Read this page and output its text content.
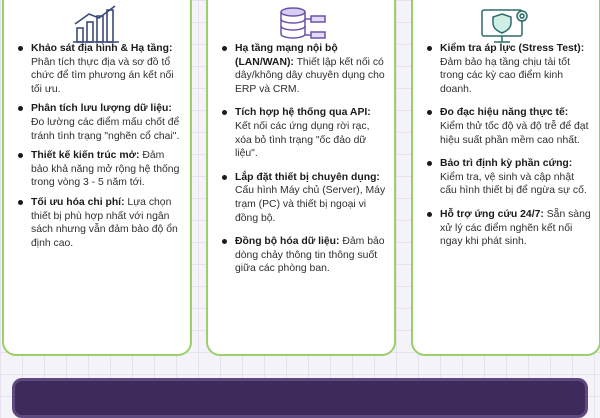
Khảo sát địa hình & Hạ tầng: Phân tích thực địa và sơ đồ tổ chức để tìm phương án kết nối tối ưu.
Phân tích lưu lượng dữ liệu: Đo lường các điểm mấu chốt để tránh tình trạng "nghẽn cổ chai".
Thiết kế kiến trúc mở: Đảm bảo khả năng mở rộng hệ thống trong vòng 3 - 5 năm tới.
Tối ưu hóa chi phí: Lựa chọn thiết bị phù hợp nhất với ngân sách nhưng vẫn đảm bảo độ ổn định cao.
Hạ tầng mạng nội bộ (LAN/WAN): Thiết lập kết nối có dây/không dây chuyên dụng cho ERP và CRM.
Tích hợp hệ thống qua API: Kết nối các ứng dụng rời rạc, xóa bỏ tình trạng "ốc đảo dữ liệu".
Lắp đặt thiết bị chuyên dụng: Cấu hình Máy chủ (Server), Máy trạm (PC) và thiết bị ngoại vi đồng bộ.
Đồng bộ hóa dữ liệu: Đảm bảo dòng chảy thông tin thông suốt giữa các phòng ban.
Kiểm tra áp lực (Stress Test): Đảm bảo hạ tầng chịu tải tốt trong các kỳ cao điểm kinh doanh.
Đo đạc hiệu năng thực tế: Kiểm thử tốc độ và độ trễ để đạt hiệu suất phần mềm cao nhất.
Bảo trì định kỳ phần cứng: Kiểm tra, vệ sinh và cập nhật cấu hình thiết bị để ngừa sự cố.
Hỗ trợ ứng cứu 24/7: Sẵn sàng xử lý các điểm nghẽn kết nối ngay khi phát sinh.
